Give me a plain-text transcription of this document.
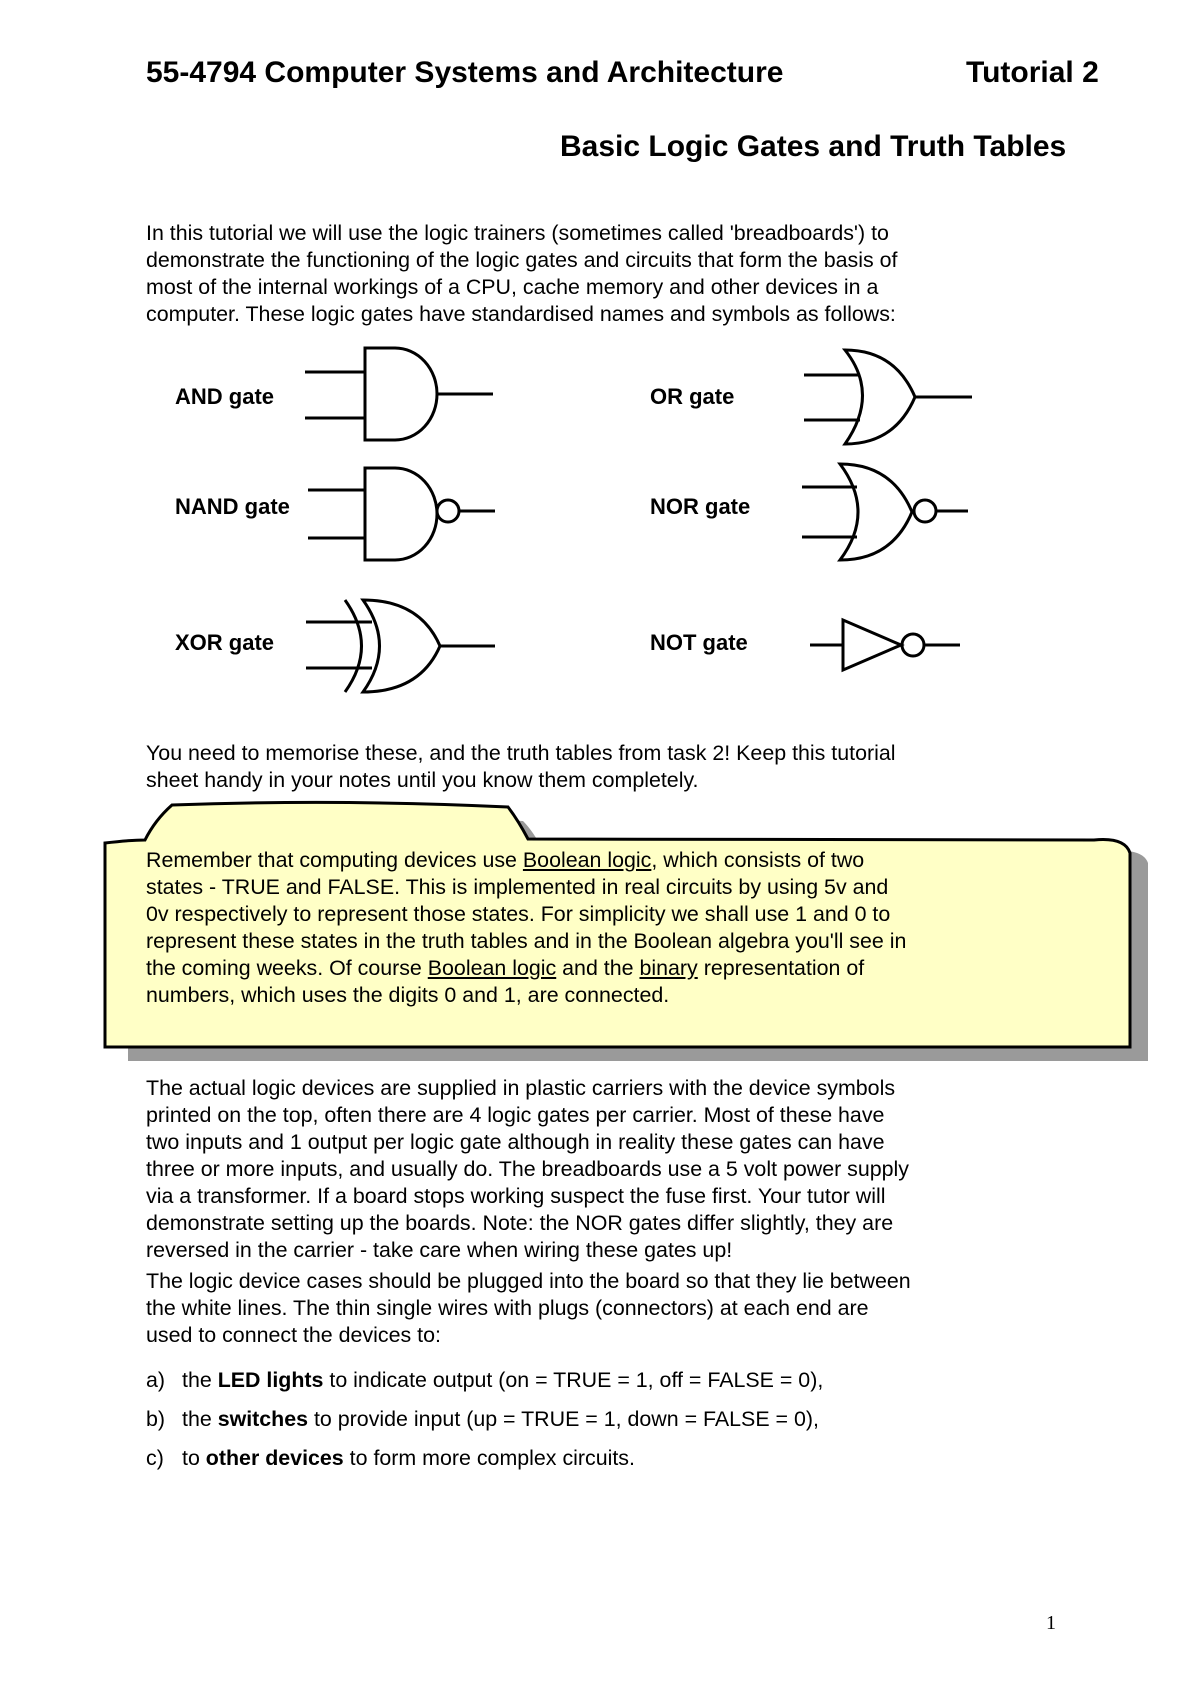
55-4794 Computer Systems and Architecture	Tutorial 2
Basic Logic Gates and Truth Tables
In this tutorial we will use the logic trainers (sometimes called 'breadboards') to
demonstrate the functioning of the logic gates and circuits that form the basis of
most of the internal workings of a CPU, cache memory and other devices in a
computer. These logic gates have standardised names and symbols as follows:
AND gate	OR gate
NAND gate	NOR gate
XOR gate	NOT gate
You need to memorise these, and the truth tables from task 2! Keep this tutorial
sheet handy in your notes until you know them completely.
Remember that computing devices use Boolean logic, which consists of two
states - TRUE and FALSE. This is implemented in real circuits by using 5v and
0v respectively to represent those states. For simplicity we shall use 1 and 0 to
represent these states in the truth tables and in the Boolean algebra you'll see in
the coming weeks. Of course Boolean logic and the binary representation of
numbers, which uses the digits 0 and 1, are connected.
The actual logic devices are supplied in plastic carriers with the device symbols
printed on the top, often there are 4 logic gates per carrier. Most of these have
two inputs and 1 output per logic gate although in reality these gates can have
three or more inputs, and usually do. The breadboards use a 5 volt power supply
via a transformer. If a board stops working suspect the fuse first. Your tutor will
demonstrate setting up the boards. Note: the NOR gates differ slightly, they are
reversed in the carrier - take care when wiring these gates up!
The logic device cases should be plugged into the board so that they lie between
the white lines. The thin single wires with plugs (connectors) at each end are
used to connect the devices to:
a) the LED lights to indicate output (on = TRUE = 1, off = FALSE = 0),
b) the switches to provide input (up = TRUE = 1, down = FALSE = 0),
c) to other devices to form more complex circuits.
1
